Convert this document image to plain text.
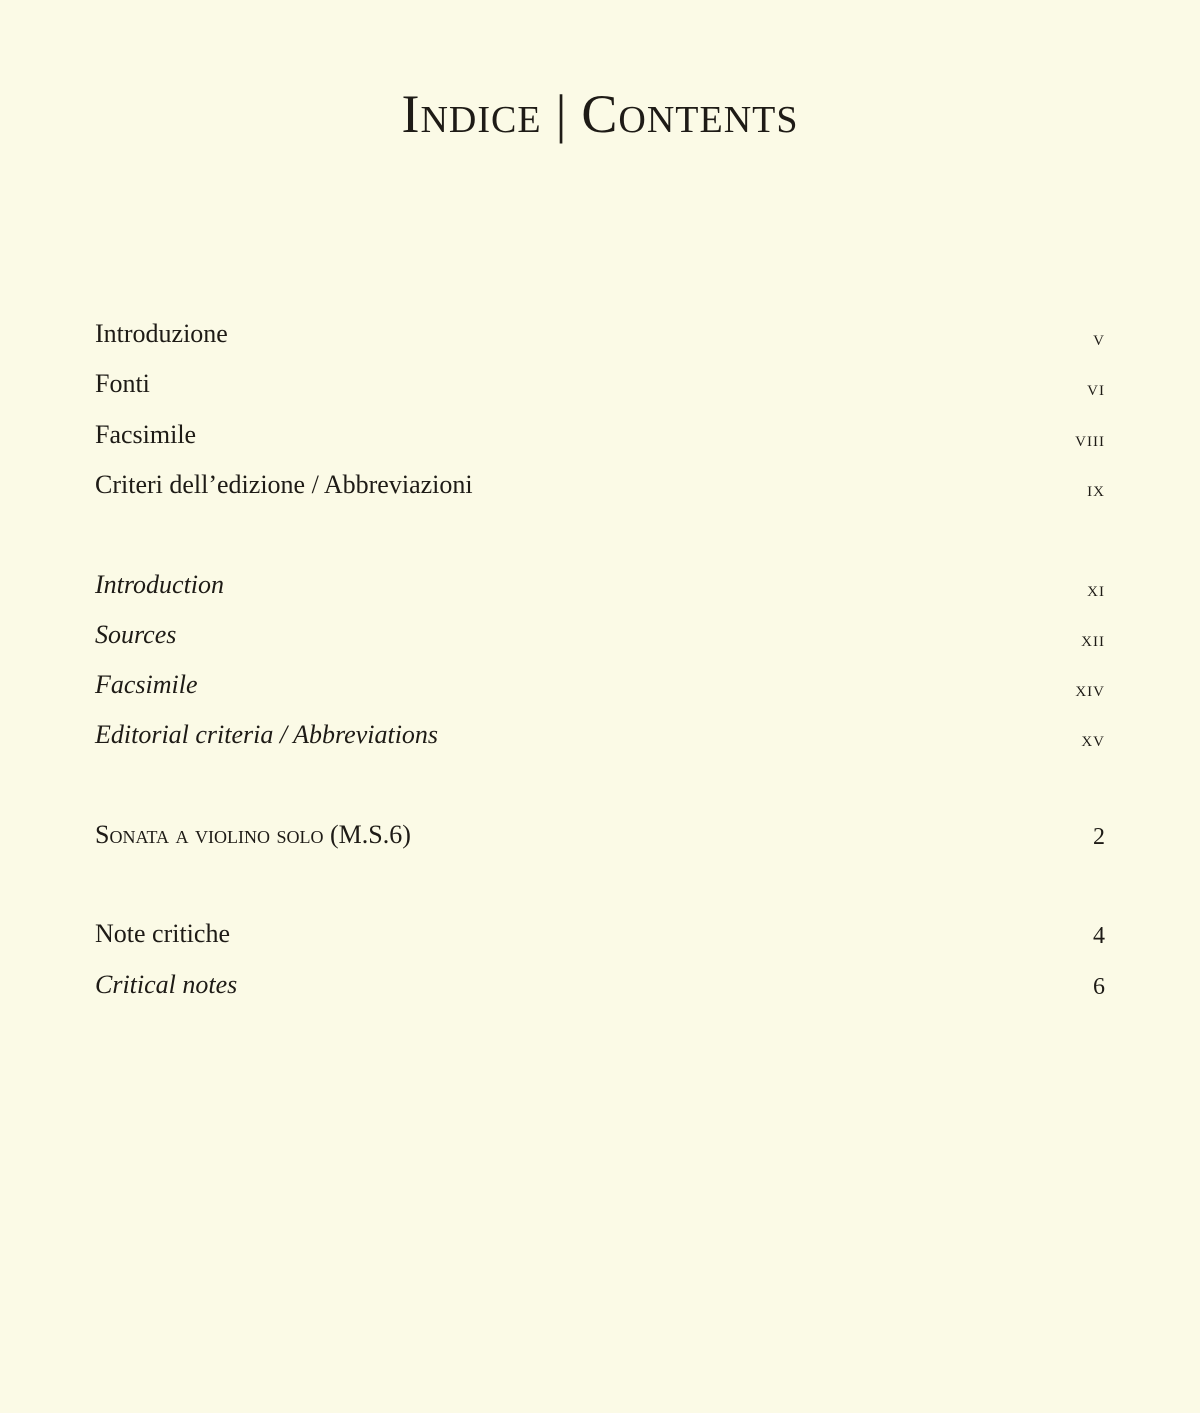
Indice | Contents
Introduzione	v
Fonti	vi
Facsimile	viii
Criteri dell’edizione / Abbreviazioni	ix
Introduction	xi
Sources	xii
Facsimile	xiv
Editorial criteria / Abbreviations	xv
Sonata a violino solo (M.S.6)	2
Note critiche	4
Critical notes	6
